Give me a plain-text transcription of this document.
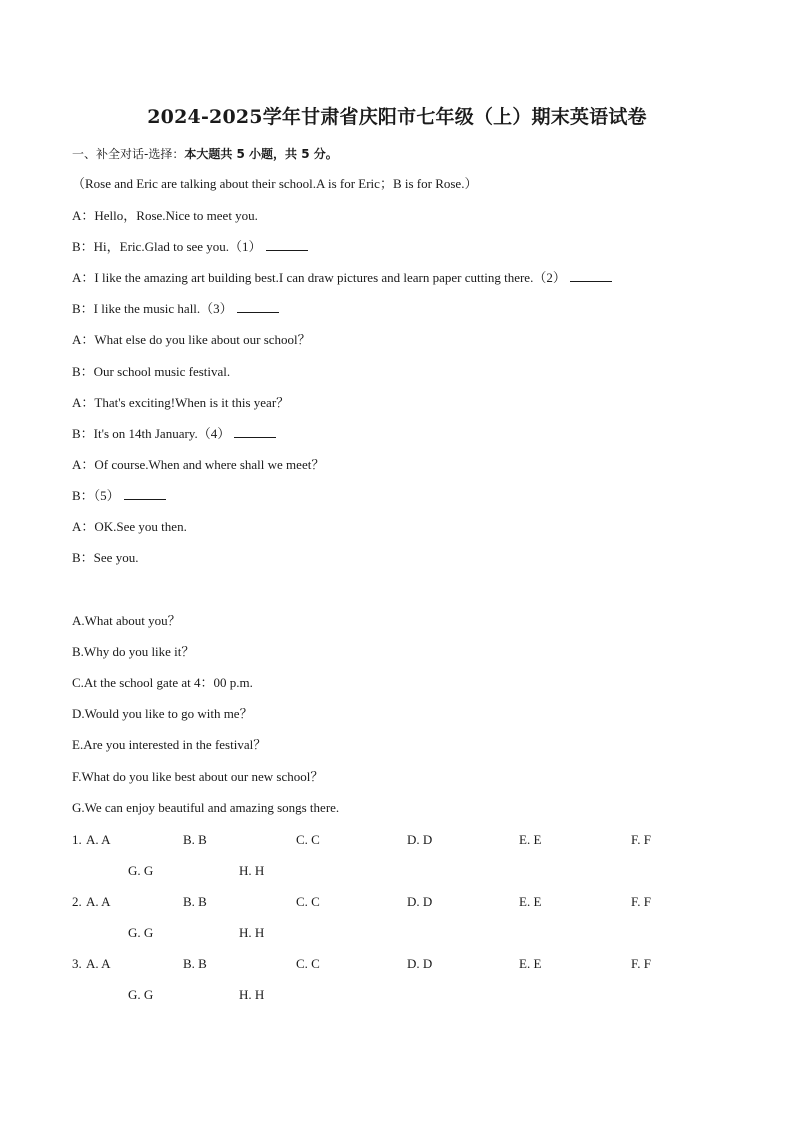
2024-2025学年甘肃省庆阳市七年级（上）期末英语试卷
一、补全对话-选择：本大题共 5 小题，共 5 分。
（Rose and Eric are talking about their school.A is for Eric；B is for Rose.）
A：Hello，Rose.Nice to meet you.
B：Hi，Eric.Glad to see you.（1）
A：I like the amazing art building best.I can draw pictures and learn paper cutting there.（2）
B：I like the music hall.（3）
A：What else do you like about our school？
B：Our school music festival.
A：That's exciting!When is it this year？
B：It's on 14th January.（4）
A：Of course.When and where shall we meet？
B：（5）
A：OK.See you then.
B：See you.
A.What about you？
B.Why do you like it？
C.At the school gate at 4：00 p.m.
D.Would you like to go with me？
E.Are you interested in the festival？
F.What do you like best about our new school？
G.We can enjoy beautiful and amazing songs there.
1. A. A	B. B	C. C	D. D	E. E	F. F
G. G	H. H
2. A. A	B. B	C. C	D. D	E. E	F. F
G. G	H. H
3. A. A	B. B	C. C	D. D	E. E	F. F
G. G	H. H
